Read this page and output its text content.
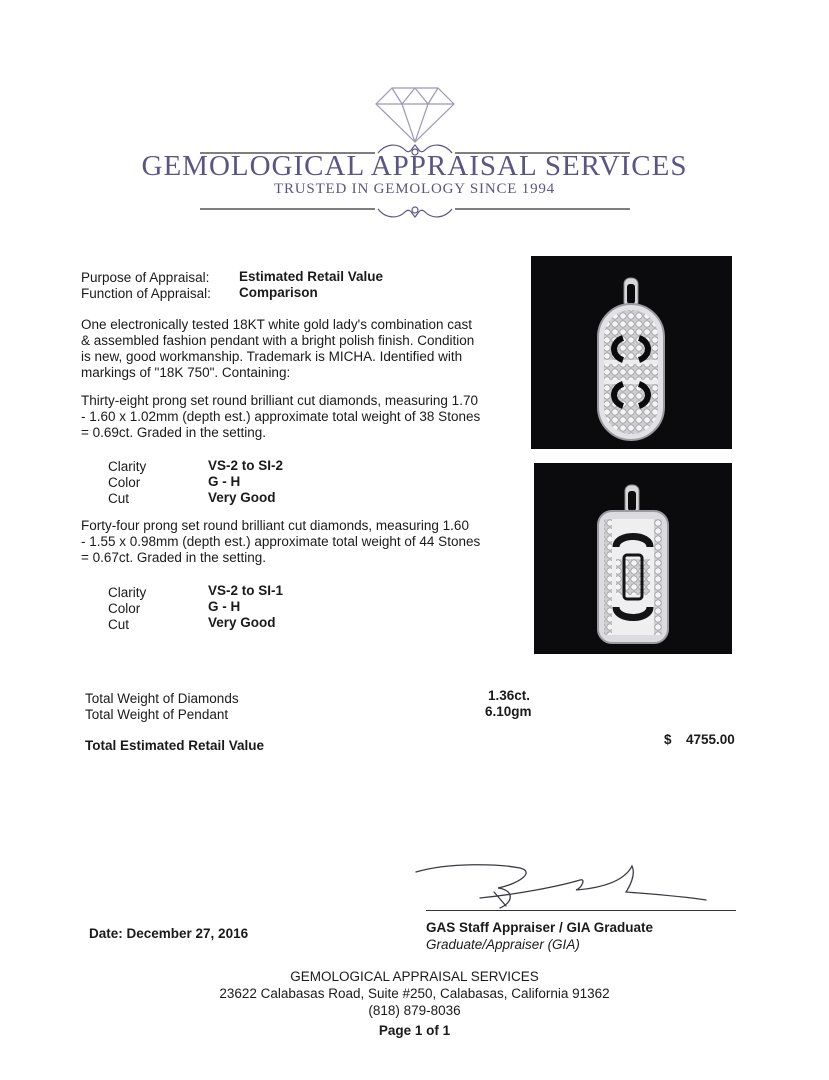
GEMOLOGICAL APPRAISAL SERVICES
TRUSTED IN GEMOLOGY SINCE 1994
Purpose of Appraisal: Estimated Retail Value
Function of Appraisal: Comparison
One electronically tested 18KT white gold lady's combination cast
& assembled fashion pendant with a bright polish finish. Condition
is new, good workmanship. Trademark is MICHA. Identified with
markings of "18K 750". Containing:
Thirty-eight prong set round brilliant cut diamonds, measuring 1.70
- 1.60 x 1.02mm (depth est.) approximate total weight of 38 Stones
= 0.69ct. Graded in the setting.
Clarity	VS-2 to SI-2
Color	G - H
Cut	Very Good
Forty-four prong set round brilliant cut diamonds, measuring 1.60
- 1.55 x 0.98mm (depth est.) approximate total weight of 44 Stones
= 0.67ct. Graded in the setting.
Clarity	VS-2 to SI-1
Color	G - H
Cut	Very Good
Total Weight of Diamonds	1.36ct.
Total Weight of Pendant	6.10gm
Total Estimated Retail Value	$ 4755.00
Date: December 27, 2016	GAS Staff Appraiser / GIA Graduate
Graduate/Appraiser (GIA)
GEMOLOGICAL APPRAISAL SERVICES
23622 Calabasas Road, Suite #250, Calabasas, California 91362
(818) 879-8036
Page 1 of 1
